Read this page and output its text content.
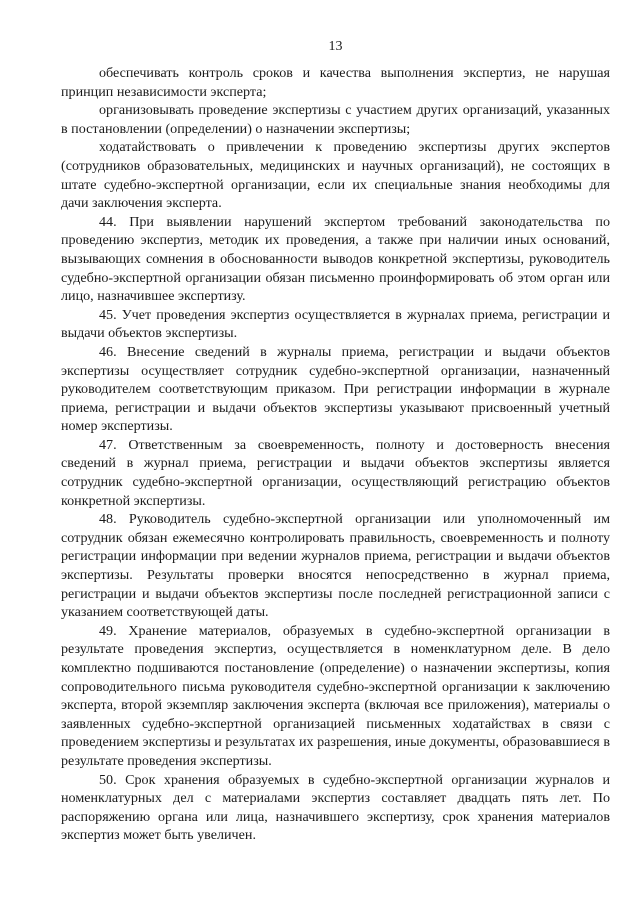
13

обеспечивать контроль сроков и качества выполнения экспертиз, не нарушая принцип независимости эксперта;

организовывать проведение экспертизы с участием других организаций, указанных в постановлении (определении) о назначении экспертизы;

ходатайствовать о привлечении к проведению экспертизы других экспертов (сотрудников образовательных, медицинских и научных организаций), не состоящих в штате судебно-экспертной организации, если их специальные знания необходимы для дачи заключения эксперта.

44. При выявлении нарушений экспертом требований законодательства по проведению экспертиз, методик их проведения, а также при наличии иных оснований, вызывающих сомнения в обоснованности выводов конкретной экспертизы, руководитель судебно-экспертной организации обязан письменно проинформировать об этом орган или лицо, назначившее экспертизу.

45. Учет проведения экспертиз осуществляется в журналах приема, регистрации и выдачи объектов экспертизы.

46. Внесение сведений в журналы приема, регистрации и выдачи объектов экспертизы осуществляет сотрудник судебно-экспертной организации, назначенный руководителем соответствующим приказом. При регистрации информации в журнале приема, регистрации и выдачи объектов экспертизы указывают присвоенный учетный номер экспертизы.

47. Ответственным за своевременность, полноту и достоверность внесения сведений в журнал приема, регистрации и выдачи объектов экспертизы является сотрудник судебно-экспертной организации, осуществляющий регистрацию объектов конкретной экспертизы.

48. Руководитель судебно-экспертной организации или уполномоченный им сотрудник обязан ежемесячно контролировать правильность, своевременность и полноту регистрации информации при ведении журналов приема, регистрации и выдачи объектов экспертизы. Результаты проверки вносятся непосредственно в журнал приема, регистрации и выдачи объектов экспертизы после последней регистрационной записи с указанием соответствующей даты.

49. Хранение материалов, образуемых в судебно-экспертной организации в результате проведения экспертиз, осуществляется в номенклатурном деле. В дело комплектно подшиваются постановление (определение) о назначении экспертизы, копия сопроводительного письма руководителя судебно-экспертной организации к заключению эксперта, второй экземпляр заключения эксперта (включая все приложения), материалы о заявленных судебно-экспертной организацией письменных ходатайствах в связи с проведением экспертизы и результатах их разрешения, иные документы, образовавшиеся в результате проведения экспертизы.

50. Срок хранения образуемых в судебно-экспертной организации журналов и номенклатурных дел с материалами экспертиз составляет двадцать пять лет. По распоряжению органа или лица, назначившего экспертизу, срок хранения материалов экспертиз может быть увеличен.
